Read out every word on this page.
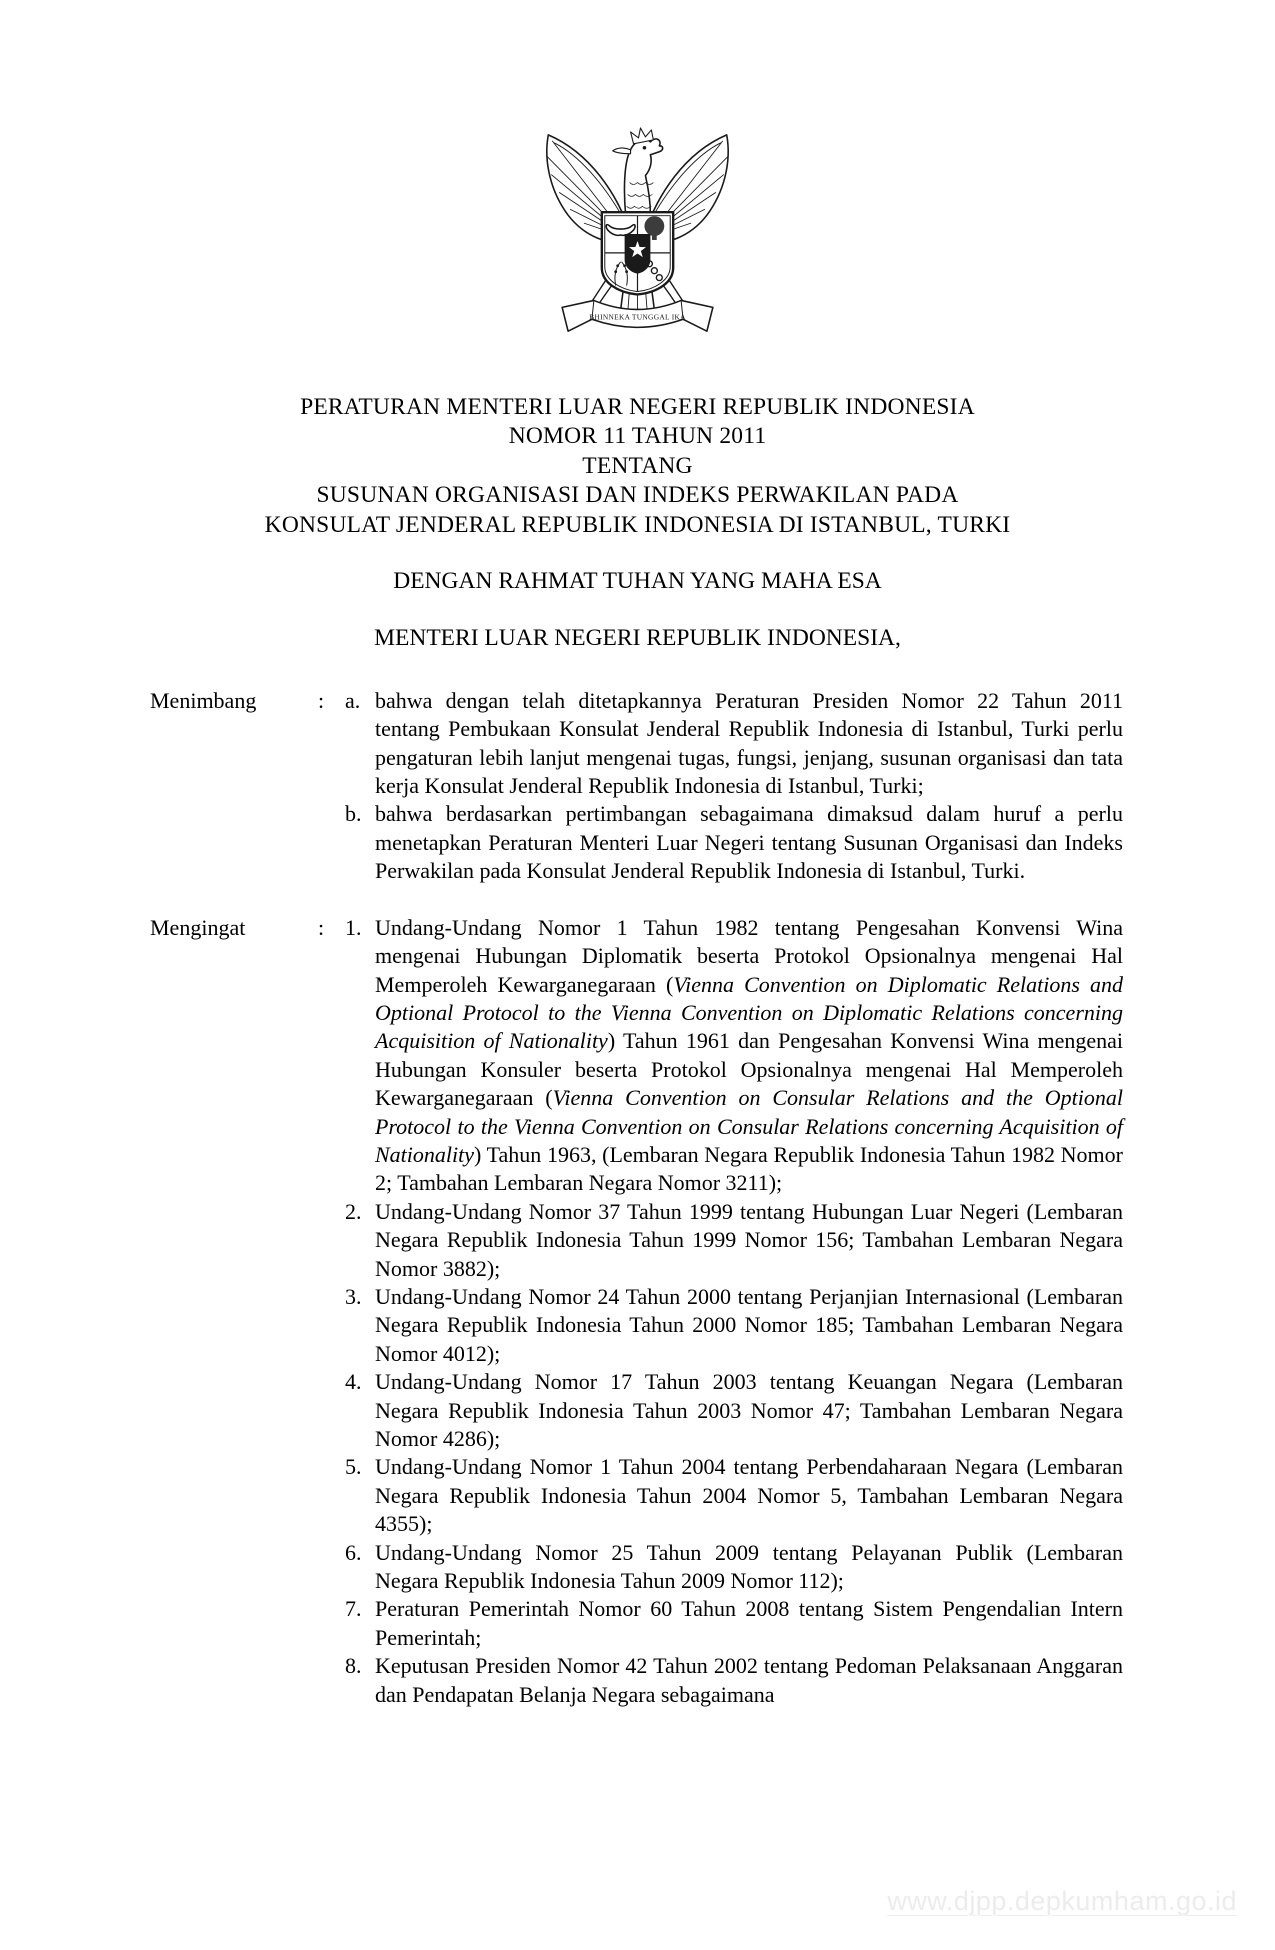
BHINNEKA TUNGGAL IKA
PERATURAN MENTERI LUAR NEGERI REPUBLIK INDONESIA
NOMOR 11 TAHUN 2011
TENTANG
SUSUNAN ORGANISASI DAN INDEKS PERWAKILAN PADA
KONSULAT JENDERAL REPUBLIK INDONESIA DI ISTANBUL, TURKI
DENGAN RAHMAT TUHAN YANG MAHA ESA
MENTERI LUAR NEGERI REPUBLIK INDONESIA,
Menimbang	: a. bahwa dengan telah ditetapkannya Peraturan Presiden Nomor 22 Tahun 2011 tentang Pembukaan Konsulat Jenderal Republik Indonesia di Istanbul, Turki perlu pengaturan lebih lanjut mengenai tugas, fungsi, jenjang, susunan organisasi dan tata kerja Konsulat Jenderal Republik Indonesia di Istanbul, Turki;
b. bahwa berdasarkan pertimbangan sebagaimana dimaksud dalam huruf a perlu menetapkan Peraturan Menteri Luar Negeri tentang Susunan Organisasi dan Indeks Perwakilan pada Konsulat Jenderal Republik Indonesia di Istanbul, Turki.
Mengingat	: 1. Undang-Undang Nomor 1 Tahun 1982 tentang Pengesahan Konvensi Wina mengenai Hubungan Diplomatik beserta Protokol Opsionalnya mengenai Hal Memperoleh Kewarganegaraan (Vienna Convention on Diplomatic Relations and Optional Protocol to the Vienna Convention on Diplomatic Relations concerning Acquisition of Nationality) Tahun 1961 dan Pengesahan Konvensi Wina mengenai Hubungan Konsuler beserta Protokol Opsionalnya mengenai Hal Memperoleh Kewarganegaraan (Vienna Convention on Consular Relations and the Optional Protocol to the Vienna Convention on Consular Relations concerning Acquisition of Nationality) Tahun 1963, (Lembaran Negara Republik Indonesia Tahun 1982 Nomor 2; Tambahan Lembaran Negara Nomor 3211);
2. Undang-Undang Nomor 37 Tahun 1999 tentang Hubungan Luar Negeri (Lembaran Negara Republik Indonesia Tahun 1999 Nomor 156; Tambahan Lembaran Negara Nomor 3882);
3. Undang-Undang Nomor 24 Tahun 2000 tentang Perjanjian Internasional (Lembaran Negara Republik Indonesia Tahun 2000 Nomor 185; Tambahan Lembaran Negara Nomor 4012);
4. Undang-Undang Nomor 17 Tahun 2003 tentang Keuangan Negara (Lembaran Negara Republik Indonesia Tahun 2003 Nomor 47; Tambahan Lembaran Negara Nomor 4286);
5. Undang-Undang Nomor 1 Tahun 2004 tentang Perbendaharaan Negara (Lembaran Negara Republik Indonesia Tahun 2004 Nomor 5, Tambahan Lembaran Negara 4355);
6. Undang-Undang Nomor 25 Tahun 2009 tentang Pelayanan Publik (Lembaran Negara Republik Indonesia Tahun 2009 Nomor 112);
7. Peraturan Pemerintah Nomor 60 Tahun 2008 tentang Sistem Pengendalian Intern Pemerintah;
8. Keputusan Presiden Nomor 42 Tahun 2002 tentang Pedoman Pelaksanaan Anggaran dan Pendapatan Belanja Negara sebagaimana
www.djpp.depkumham.go.id
